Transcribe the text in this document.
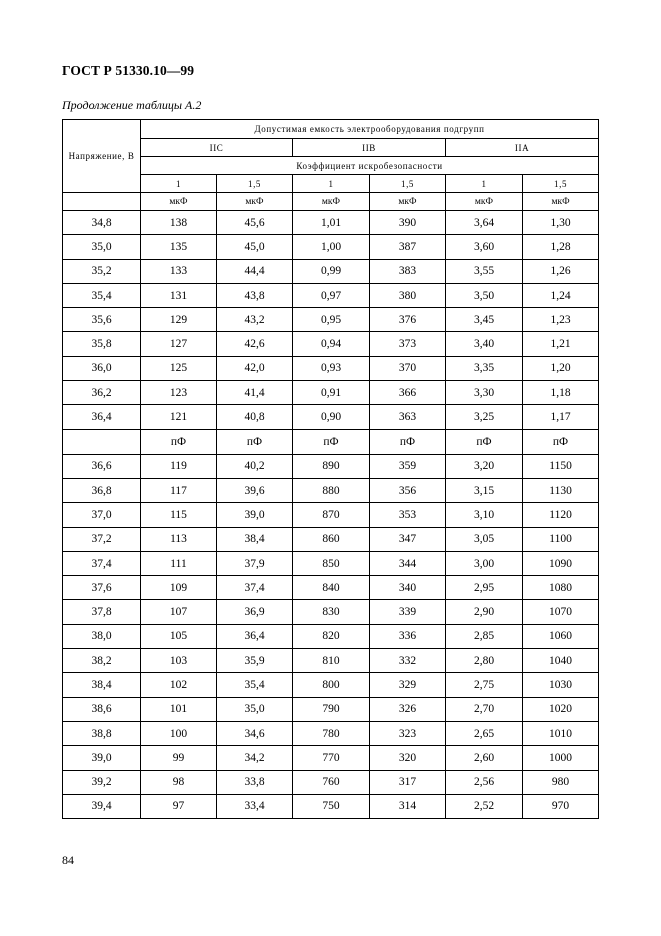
ГОСТ Р 51330.10—99
Продолжение таблицы А.2
Напряжение, В	Допустимая емкость электрооборудования подгрупп					
	IIC		IIB		IIA	
	Коэффициент искробезопасности					
	1	1,5	1	1,5	1	1,5
	мкФ	мкФ	мкФ	мкФ	мкФ	мкФ
34,8	138	45,6	1,01	390	3,64	1,30
35,0	135	45,0	1,00	387	3,60	1,28
35,2	133	44,4	0,99	383	3,55	1,26
35,4	131	43,8	0,97	380	3,50	1,24
35,6	129	43,2	0,95	376	3,45	1,23
35,8	127	42,6	0,94	373	3,40	1,21
36,0	125	42,0	0,93	370	3,35	1,20
36,2	123	41,4	0,91	366	3,30	1,18
36,4	121	40,8	0,90	363	3,25	1,17
	пФ	пФ	пФ	пФ	пФ	пФ
36,6	119	40,2	890	359	3,20	1150
36,8	117	39,6	880	356	3,15	1130
37,0	115	39,0	870	353	3,10	1120
37,2	113	38,4	860	347	3,05	1100
37,4	111	37,9	850	344	3,00	1090
37,6	109	37,4	840	340	2,95	1080
37,8	107	36,9	830	339	2,90	1070
38,0	105	36,4	820	336	2,85	1060
38,2	103	35,9	810	332	2,80	1040
38,4	102	35,4	800	329	2,75	1030
38,6	101	35,0	790	326	2,70	1020
38,8	100	34,6	780	323	2,65	1010
39,0	99	34,2	770	320	2,60	1000
39,2	98	33,8	760	317	2,56	980
39,4	97	33,4	750	314	2,52	970
84
